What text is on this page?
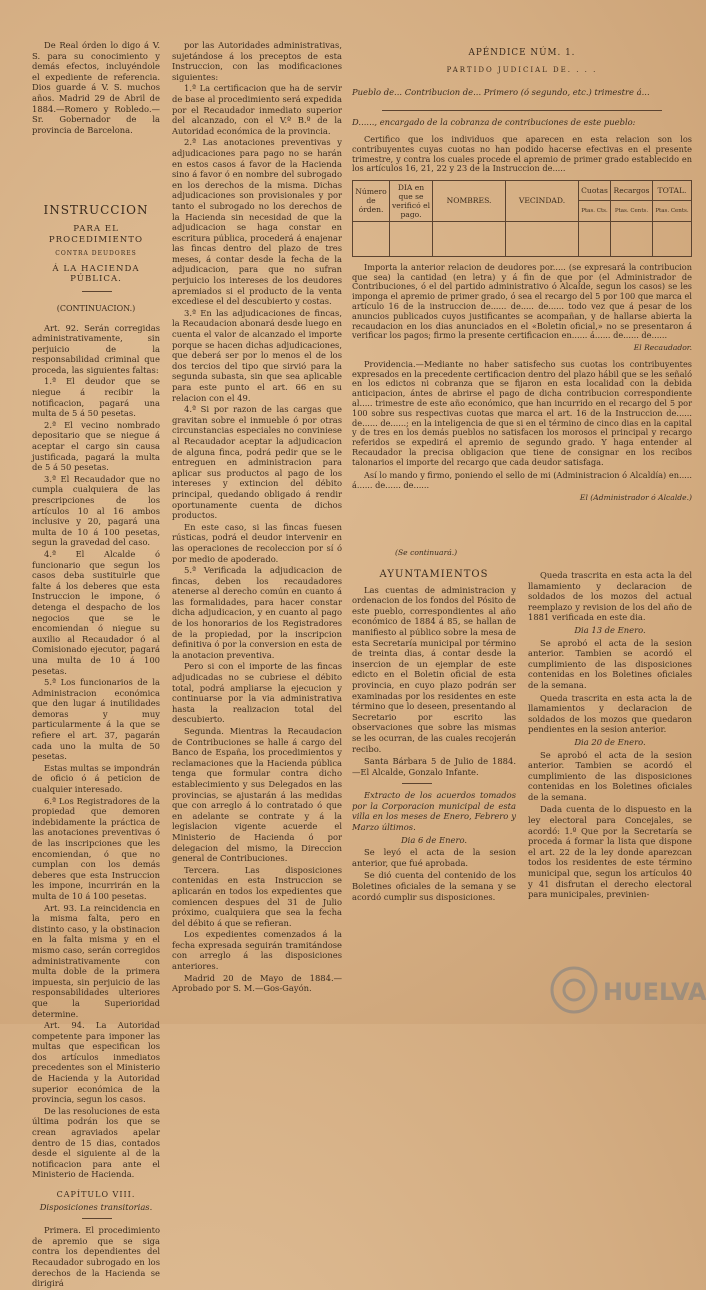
De Real órden lo digo á V. S. para su conocimiento y demás efectos, incluyéndole el expediente de referencia. Dios guarde á V. S. muchos años. Madrid 29 de Abril de 1884.—Romero y Robledo.—Sr. Gobernador de la provincia de Barcelona.

INSTRUCCION

PARA EL PROCEDIMIENTO

CONTRA DEUDORES

Á LA HACIENDA PÚBLICA.

(CONTINUACION.)

Art. 92. Serán corregidas administrativamente, sin perjuicio de la responsabilidad criminal que proceda, las siguientes faltas:

1.ª El deudor que se niegue á recibir la notificacion, pagará una multa de 5 á 50 pesetas.

2.ª El vecino nombrado depositario que se niegue á aceptar el cargo sin causa justificada, pagará la multa de 5 á 50 pesetas.

3.ª El Recaudador que no cumpla cualquiera de las prescripciones de los artículos 10 al 16 ambos inclusive y 20, pagará una multa de 10 á 100 pesetas, segun la gravedad del caso.

4.ª El Alcalde ó funcionario que segun los casos deba sustituirle que falte á los deberes que esta Instruccion le impone, ó detenga el despacho de los negocios que se le encomiendan ó niegue su auxilio al Recaudador ó al Comisionado ejecutor, pagará una multa de 10 á 100 pesetas.

5.ª Los funcionarios de la Administracion económica que den lugar á inutilidades demoras y muy particularmente á la que se refiere el art. 37, pagarán cada uno la multa de 50 pesetas.

Estas multas se impondrán de oficio ó á peticion de cualquier interesado.

6.ª Los Registradores de la propiedad que demoren indebidamente la práctica de las anotaciones preventivas ó de las inscripciones que les encomiendan, ó que no cumplan con los demás deberes que esta Instruccion les impone, incurrirán en la multa de 10 á 100 pesetas.

Art. 93. La reincidencia en la misma falta, pero en distinto caso, y la obstinacion en la falta misma y en el mismo caso, serán corregidos administrativamente con multa doble de la primera impuesta, sin perjuicio de las responsabilidades ulteriores que la Superioridad determine.

Art. 94. La Autoridad competente para imponer las multas que especifican los dos artículos inmediatos precedentes son el Ministerio de Hacienda y la Autoridad superior económica de la provincia, segun los casos.

De las resoluciones de esta última podrán los que se crean agraviados apelar dentro de 15 dias, contados desde el siguiente al de la notificacion para ante el Ministerio de Hacienda.

CAPÍTULO VIII.

Disposiciones transitorias.

Primera. El procedimiento de apremio que se siga contra los dependientes del Recaudador subrogado en los derechos de la Hacienda se dirigirá

por las Autoridades administrativas, sujetándose á los preceptos de esta Instruccion, con las modificaciones siguientes:

1.ª La certificacion que ha de servir de base al procedimiento será expedida por el Recaudador inmediato superior del alcanzado, con el V.º B.º de la Autoridad económica de la provincia.

2.ª Las anotaciones preventivas y adjudicaciones para pago no se harán en estos casos á favor de la Hacienda sino á favor ó en nombre del subrogado en los derechos de la misma. Dichas adjudicaciones son provisionales y por tanto el subrogado no los derechos de la Hacienda sin necesidad de que la adjudicacion se haga constar en escritura pública, procederá á enajenar las fincas dentro del plazo de tres meses, á contar desde la fecha de la adjudicacion, para que no sufran perjuicio los intereses de los deudores apremiados si el producto de la venta excediese el del descubierto y costas.

3.ª En las adjudicaciones de fincas, la Recaudacion abonará desde luego en cuenta el valor de alcanzado el importe porque se hacen dichas adjudicaciones, que deberá ser por lo menos el de los dos tercios del tipo que sirvió para la segunda subasta, sin que sea aplicable para este punto el art. 66 en su relacion con el 49.

4.ª Si por razon de las cargas que gravitan sobre el inmueble ó por otras circunstancias especiales no conviniese al Recaudador aceptar la adjudicacion de alguna finca, podrá pedir que se le entreguen en administracion para aplicar sus productos al pago de los intereses y extincion del débito principal, quedando obligado á rendir oportunamente cuenta de dichos productos.

En este caso, si las fincas fuesen rústicas, podrá el deudor intervenir en las operaciones de recoleccion por sí ó por medio de apoderado.

5.ª Verificada la adjudicacion de fincas, deben los recaudadores atenerse al derecho común en cuanto á las formalidades, para hacer constar dicha adjudicacion, y en cuanto al pago de los honorarios de los Registradores de la propiedad, por la inscripcion definitiva ó por la conversion en esta de la anotacion preventiva.

Pero si con el importe de las fincas adjudicadas no se cubriese el débito total, podrá ampliarse la ejecucion y continuarse por la via administrativa hasta la realizacion total del descubierto.

Segunda. Mientras la Recaudacion de Contribuciones se halle á cargo del Banco de España, los procedimientos y reclamaciones que la Hacienda pública tenga que formular contra dicho establecimiento y sus Delegados en las provincias, se ajustarán á las medidas que con arreglo á lo contratado ó que en adelante se contrate y á la legislacion vigente acuerde el Ministerio de Hacienda ó por delegacion del mismo, la Direccion general de Contribuciones.

Tercera. Las disposiciones contenidas en esta Instruccion se aplicarán en todos los expedientes que comiencen despues del 31 de Julio próximo, cualquiera que sea la fecha del débito á que se refieran.

Los expedientes comenzados á la fecha expresada seguirán tramitándose con arreglo á las disposiciones anteriores.

Madrid 20 de Mayo de 1884.—Aprobado por S. M.—Gos-Gayón.

APÉNDICE NÚM. 1.
PARTIDO JUDICIAL DE. . . .
Pueblo de... Contribucion de... Primero (ó segundo, etc.) trimestre á...
D......, encargado de la cobranza de contribuciones de este pueblo:
Certifico que los individuos que aparecen en esta relacion son los contribuyentes cuyas cuotas no han podido hacerse efectivas en el presente trimestre, y contra los cuales procede el apremio de primer grado establecido en los artículos 16, 21, 22 y 23 de la Instruccion de.....
Número de órden.	DIA en que se verificó el pago.	NOMBRES.	VECINDAD.	Cuotas	Recargos	TOTAL.
				Ptas. Cts.	Ptas. Cents.	Ptas. Cents.

Importa la anterior relacion de deudores por..... (se expresará la contribucion que sea) la cantidad (en letra) y á fin de que por (el Administrador de Contribuciones, ó el del partido administrativo ó Alcalde, segun los casos) se les imponga el apremio de primer grado, ó sea el recargo del 5 por 100 que marca el artículo 16 de la instruccion de...... de..... de...... todo vez que á pesar de los anuncios publicados cuyos justificantes se acompañan, y de hallarse abierta la recaudacion en los dias anunciados en el «Boletin oficial,» no se presentaron á verificar los pagos; firmo la presente certificacion en...... á...... de...... de......
El Recaudador.
Providencia.—Mediante no haber satisfecho sus cuotas los contribuyentes expresados en la precedente certificacion dentro del plazo hábil que se les señaló en los edictos ni cobranza que se fijaron en esta localidad con la debida anticipacion, ántes de abrirse el pago de dicha contribucion correspondiente al..... trimestre de este año económico, que han incurrido en el recargo del 5 por 100 sobre sus respectivas cuotas que marca el art. 16 de la Instruccion de...... de...... de......; en la inteligencia de que si en el término de cinco dias en la capital y de tres en los demás pueblos no satisfacen los morosos el principal y recargo referidos se expedirá el apremio de segundo grado. Y haga entender al Recaudador la precisa obligacion que tiene de consignar en los recibos talonarios el importe del recargo que cada deudor satisfaga.
Así lo mando y firmo, poniendo el sello de mi (Administracion ó Alcaldía) en..... á...... de...... de......
El (Administrador ó Alcalde.)
(Se continuará.)

AYUNTAMIENTOS

Las cuentas de administracion y ordenacion de los fondos del Pósito de este pueblo, correspondientes al año económico de 1884 á 85, se hallan de manifiesto al público sobre la mesa de esta Secretaría municipal por término de treinta dias, á contar desde la insercion de un ejemplar de este edicto en el Boletin oficial de esta provincia, en cuyo plazo podrán ser examinadas por los residentes en este término que lo deseen, presentando al Secretario por escrito las observaciones que sobre las mismas se les ocurran, de las cuales recojerán recibo.

Santa Bárbara 5 de Julio de 1884.—El Alcalde, Gonzalo Infante.

Extracto de los acuerdos tomados por la Corporacion municipal de esta villa en los meses de Enero, Febrero y Marzo últimos.

Dia 6 de Enero.

Se leyó el acta de la sesion anterior, que fué aprobada.

Se dió cuenta del contenido de los Boletines oficiales de la semana y se acordó cumplir sus disposiciones.

Queda trascrita en esta acta la del llamamiento y declaracion de soldados de los mozos del actual reemplazo y revision de los del año de 1881 verificada en este dia.

Dia 13 de Enero.

Se aprobó el acta de la sesion anterior. Tambien se acordó el cumplimiento de las disposiciones contenidas en los Boletines oficiales de la semana.

Queda trascrita en esta acta la de llamamientos y declaracion de soldados de los mozos que quedaron pendientes en la sesion anterior.

Dia 20 de Enero.

Se aprobó el acta de la sesion anterior. Tambien se acordó el cumplimiento de las disposiciones contenidas en los Boletines oficiales de la semana.

Dada cuenta de lo dispuesto en la ley electoral para Concejales, se acordó: 1.º Que por la Secretaría se proceda á formar la lista que dispone el art. 22 de la ley donde aparezcan todos los residentes de este término municipal que, segun los artículos 40 y 41 disfrutan el derecho electoral para municipales, previnien-

HUELVA
